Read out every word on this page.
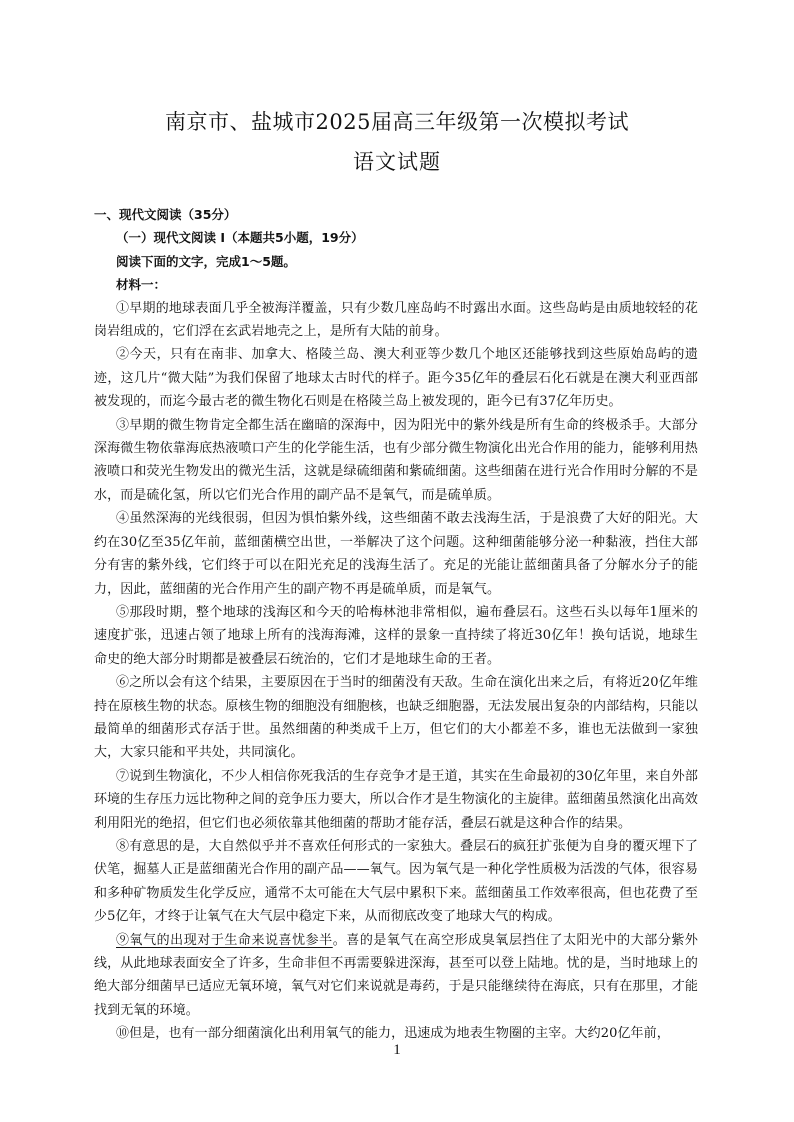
南京市、盐城市2025届高三年级第一次模拟考试
语文试题

一、现代文阅读（35分）

（一）现代文阅读 I（本题共5小题，19分）

阅读下面的文字，完成1～5题。

材料一：

①早期的地球表面几乎全被海洋覆盖，只有少数几座岛屿不时露出水面。这些岛屿是由质地较轻的花岗岩组成的，它们浮在玄武岩地壳之上，是所有大陆的前身。

②今天，只有在南非、加拿大、格陵兰岛、澳大利亚等少数几个地区还能够找到这些原始岛屿的遗迹，这几片“微大陆”为我们保留了地球太古时代的样子。距今35亿年的叠层石化石就是在澳大利亚西部被发现的，而迄今最古老的微生物化石则是在格陵兰岛上被发现的，距今已有37亿年历史。

③早期的微生物肯定全都生活在幽暗的深海中，因为阳光中的紫外线是所有生命的终极杀手。大部分深海微生物依靠海底热液喷口产生的化学能生活，也有少部分微生物演化出光合作用的能力，能够利用热液喷口和荧光生物发出的微光生活，这就是绿硫细菌和紫硫细菌。这些细菌在进行光合作用时分解的不是水，而是硫化氢，所以它们光合作用的副产品不是氧气，而是硫单质。

④虽然深海的光线很弱，但因为惧怕紫外线，这些细菌不敢去浅海生活，于是浪费了大好的阳光。大约在30亿至35亿年前，蓝细菌横空出世，一举解决了这个问题。这种细菌能够分泌一种黏液，挡住大部分有害的紫外线，它们终于可以在阳光充足的浅海生活了。充足的光能让蓝细菌具备了分解水分子的能力，因此，蓝细菌的光合作用产生的副产物不再是硫单质，而是氧气。

⑤那段时期，整个地球的浅海区和今天的哈梅林池非常相似，遍布叠层石。这些石头以每年1厘米的速度扩张，迅速占领了地球上所有的浅海海滩，这样的景象一直持续了将近30亿年！换句话说，地球生命史的绝大部分时期都是被叠层石统治的，它们才是地球生命的王者。

⑥之所以会有这个结果，主要原因在于当时的细菌没有天敌。生命在演化出来之后，有将近20亿年维持在原核生物的状态。原核生物的细胞没有细胞核，也缺乏细胞器，无法发展出复杂的内部结构，只能以最简单的细菌形式存活于世。虽然细菌的种类成千上万，但它们的大小都差不多，谁也无法做到一家独大，大家只能和平共处，共同演化。

⑦说到生物演化，不少人相信你死我活的生存竞争才是王道，其实在生命最初的30亿年里，来自外部环境的生存压力远比物种之间的竞争压力要大，所以合作才是生物演化的主旋律。蓝细菌虽然演化出高效利用阳光的绝招，但它们也必须依靠其他细菌的帮助才能存活，叠层石就是这种合作的结果。

⑧有意思的是，大自然似乎并不喜欢任何形式的一家独大。叠层石的疯狂扩张便为自身的覆灭埋下了伏笔，掘墓人正是蓝细菌光合作用的副产品——氧气。因为氧气是一种化学性质极为活泼的气体，很容易和多种矿物质发生化学反应，通常不太可能在大气层中累积下来。蓝细菌虽工作效率很高，但也花费了至少5亿年，才终于让氧气在大气层中稳定下来，从而彻底改变了地球大气的构成。

⑨氧气的出现对于生命来说喜忧参半。喜的是氧气在高空形成臭氧层挡住了太阳光中的大部分紫外线，从此地球表面安全了许多，生命非但不再需要躲进深海，甚至可以登上陆地。忧的是，当时地球上的绝大部分细菌早已适应无氧环境，氧气对它们来说就是毒药，于是只能继续待在海底，只有在那里，才能找到无氧的环境。

⑩但是，也有一部分细菌演化出利用氧气的能力，迅速成为地表生物圈的主宰。大约20亿年前，

1
